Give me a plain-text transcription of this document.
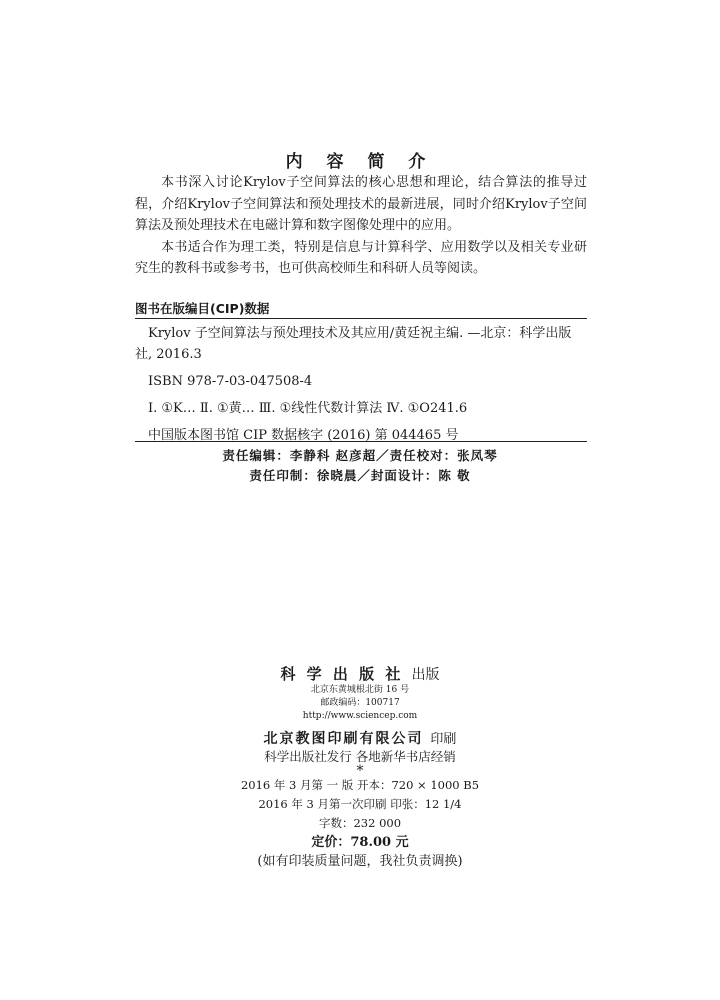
内 容 简 介

本书深入讨论Krylov子空间算法的核心思想和理论，结合算法的推导过程，介绍Krylov子空间算法和预处理技术的最新进展，同时介绍Krylov子空间算法及预处理技术在电磁计算和数字图像处理中的应用。

本书适合作为理工类，特别是信息与计算科学、应用数学以及相关专业研究生的教科书或参考书，也可供高校师生和科研人员等阅读。

图书在版编目(CIP)数据
Krylov 子空间算法与预处理技术及其应用/黄廷祝主编. —北京：科学出版
社, 2016.3
ISBN 978-7-03-047508-4
Ⅰ. ①K… Ⅱ. ①黄… Ⅲ. ①线性代数计算法 Ⅳ. ①O241.6
中国版本图书馆 CIP 数据核字 (2016) 第 044465 号
责任编辑：李静科 赵彦超／责任校对：张凤琴
责任印制：徐晓晨／封面设计：陈 敬
科 学 出 版 社 出版
北京东黄城根北街 16 号
邮政编码：100717
http://www.sciencep.com
北京教图印刷有限公司 印刷
科学出版社发行 各地新华书店经销
*
2016 年 3 月第 一 版 开本：720 × 1000 B5
2016 年 3 月第一次印刷 印张：12 1/4
字数：232 000
定价：78.00 元
(如有印装质量问题，我社负责调换)
